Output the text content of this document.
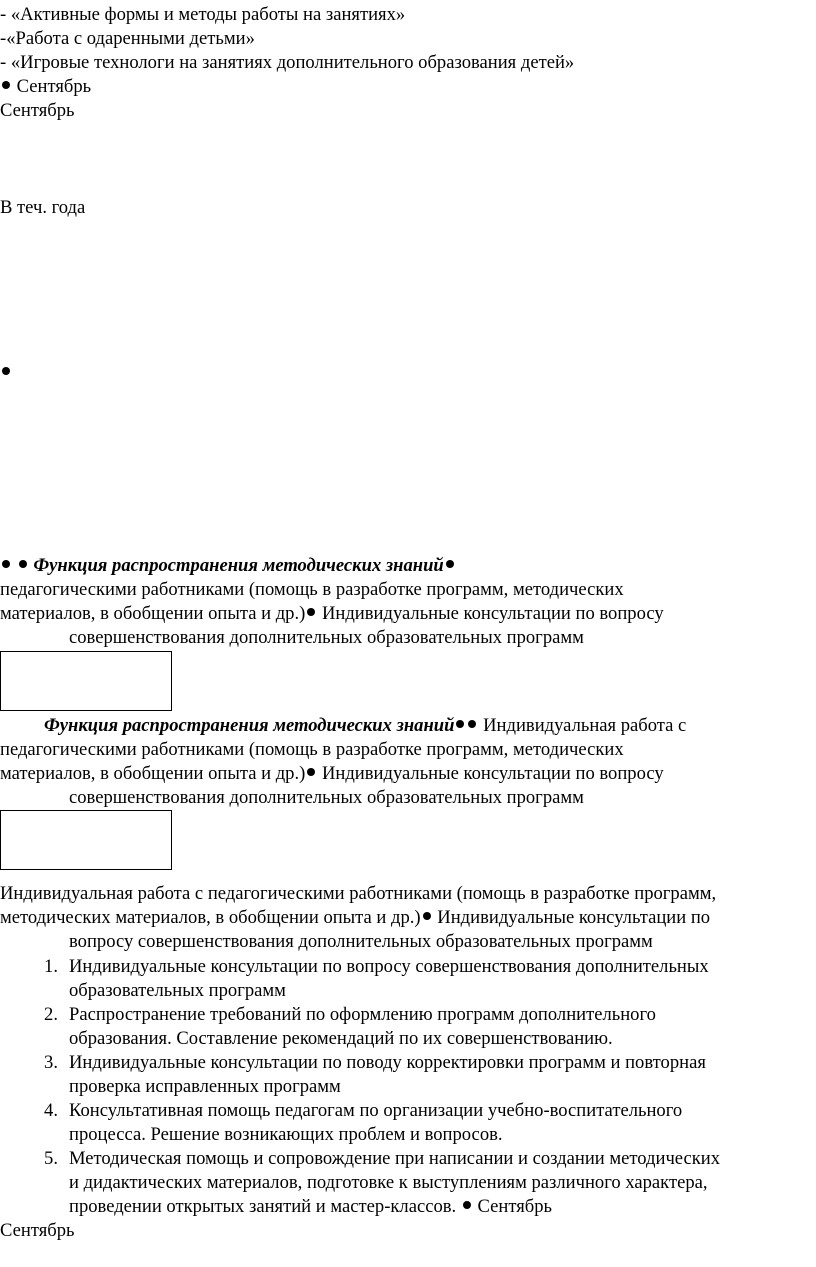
- «Активные формы и методы работы на занятиях»
-«Работа с одаренными детьми»
- «Игровые технологи на занятиях дополнительного образования детей»
Сентябрь
Сентябрь
В теч. года
Функция распространения методических знаний
педагогическими работниками (помощь в разработке программ, методических
материалов, в обобщении опыта и др.) Индивидуальные консультации по вопросу
совершенствования дополнительных образовательных программ
Функция распространения методических знаний Индивидуальная работа с
педагогическими работниками (помощь в разработке программ, методических
материалов, в обобщении опыта и др.) Индивидуальные консультации по вопросу
совершенствования дополнительных образовательных программ
Индивидуальная работа с педагогическими работниками (помощь в разработке программ,
методических материалов, в обобщении опыта и др.) Индивидуальные консультации по
вопросу совершенствования дополнительных образовательных программ
1. Индивидуальные консультации по вопросу совершенствования дополнительных
образовательных программ
2. Распространение требований по оформлению программ дополнительного
образования. Составление рекомендаций по их совершенствованию.
3. Индивидуальные консультации по поводу корректировки программ и повторная
проверка исправленных программ
4. Консультативная помощь педагогам по организации учебно-воспитательного
процесса. Решение возникающих проблем и вопросов.
5. Методическая помощь и сопровождение при написании и создании методических
и дидактических материалов, подготовке к выступлениям различного характера,
проведении открытых занятий и мастер-классов. Сентябрь
Сентябрь
